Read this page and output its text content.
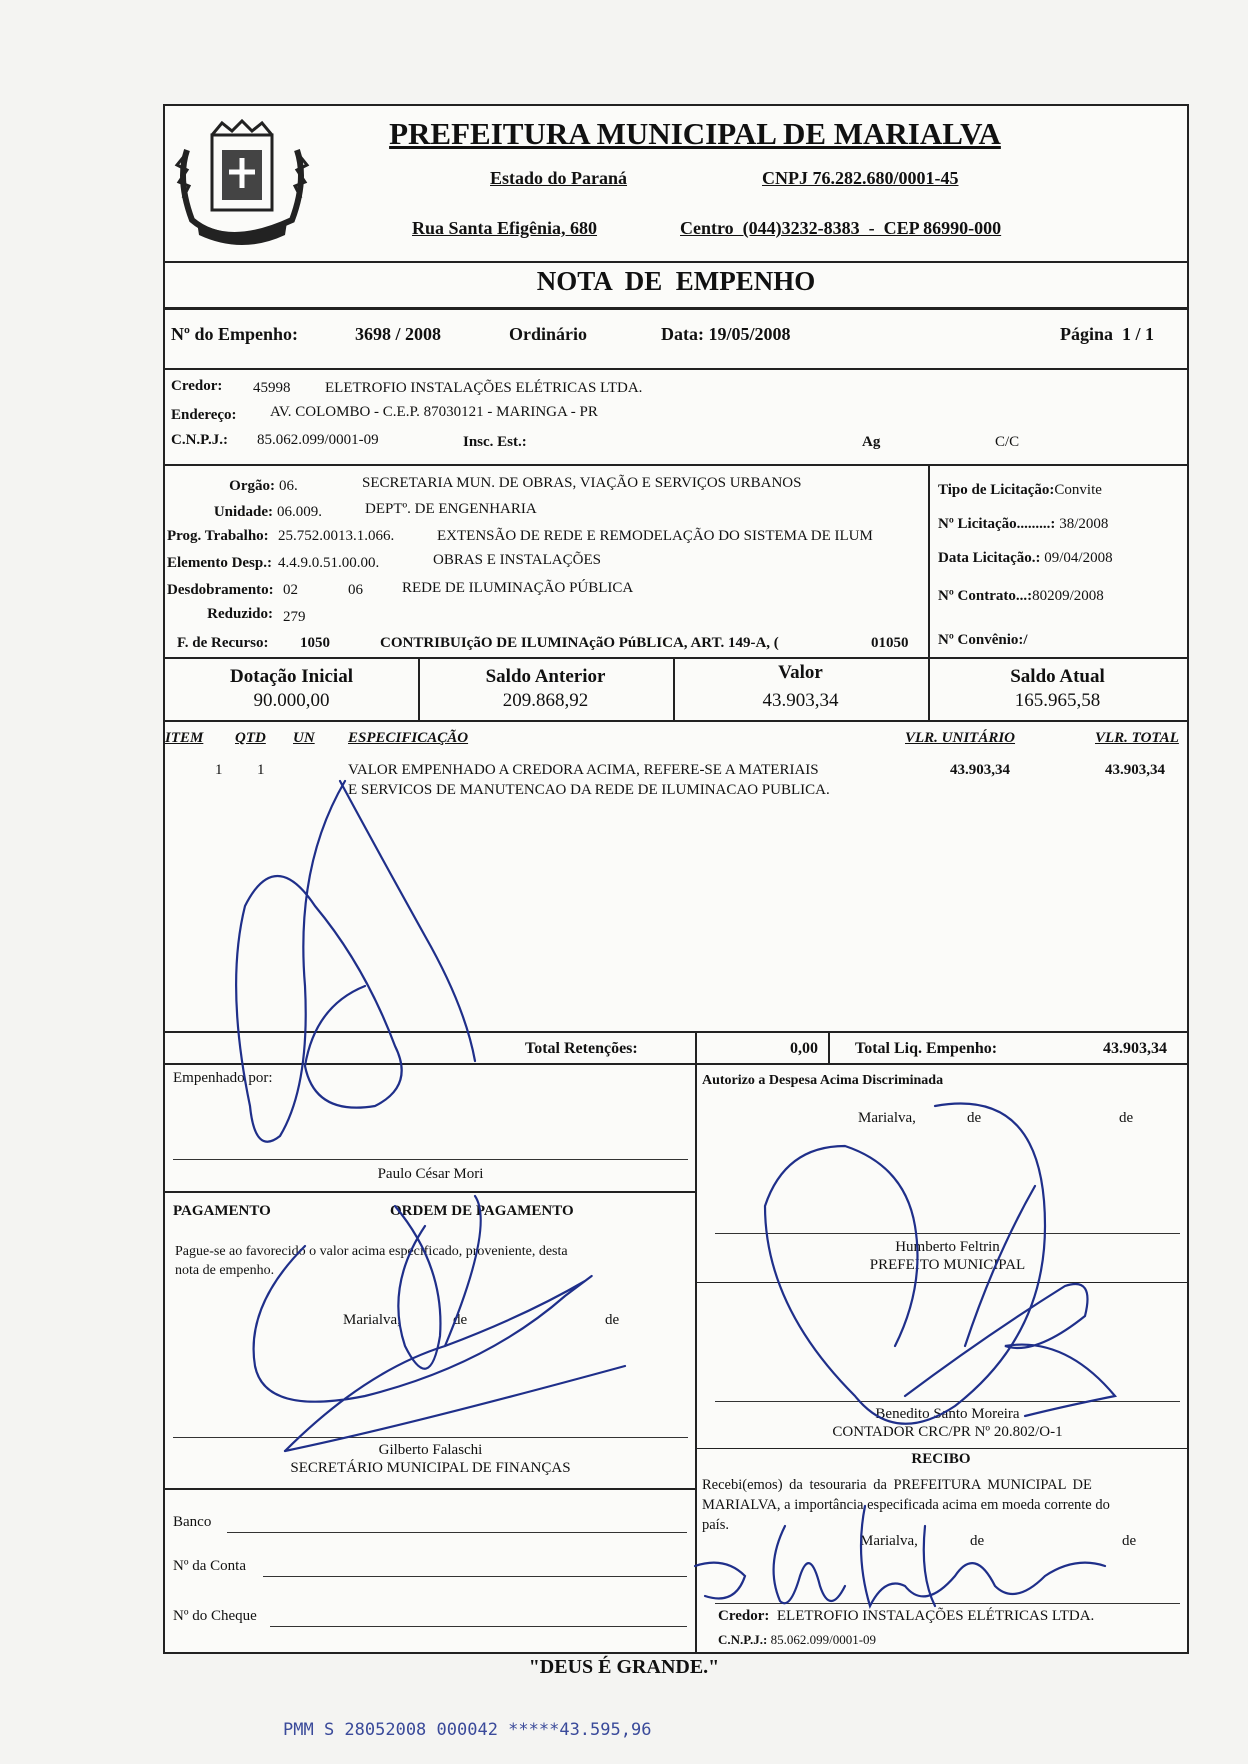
PREFEITURA MUNICIPAL DE MARIALVA
Estado do Paraná	CNPJ 76.282.680/0001-45
Rua Santa Efigênia, 680	Centro  (044)3232-8383  -  CEP 86990-000
NOTA  DE  EMPENHO
Nº do Empenho:	3698 / 2008	Ordinário	Data: 19/05/2008	Página  1 / 1
Credor: 45998 ELETROFIO INSTALAÇÕES ELÉTRICAS LTDA.
Endereço: AV. COLOMBO - C.E.P. 87030121 - MARINGA - PR
C.N.P.J.: 85.062.099/0001-09	Insc. Est.:	Ag	C/C
Orgão: 06.	SECRETARIA MUN. DE OBRAS, VIAÇÃO E SERVIÇOS URBANOS
Unidade: 06.009.	DEPTº. DE ENGENHARIA
Prog. Trabalho: 25.752.0013.1.066.	EXTENSÃO DE REDE E REMODELAÇÃO DO SISTEMA DE ILUM
Elemento Desp.: 4.4.9.0.51.00.00.	OBRAS E INSTALAÇÕES
Desdobramento: 02	06	REDE DE ILUMINAÇÃO PÚBLICA
Reduzido: 279
F. de Recurso: 1050	CONTRIBUIçãO DE ILUMINAçãO PúBLICA, ART. 149-A, (	01050
Tipo de Licitação:Convite
Nº Licitação.........: 38/2008
Data Licitação.: 09/04/2008
Nº Contrato...:80209/2008
Nº Convênio:/
Dotação Inicial
90.000,00
Saldo Anterior
209.868,92
Valor
43.903,34
Saldo Atual
165.965,58
ITEM QTD UN ESPECIFICAÇÃO	VLR. UNITÁRIO	VLR. TOTAL
1 1	VALOR EMPENHADO A CREDORA ACIMA, REFERE-SE A MATERIAIS
E SERVICOS DE MANUTENCAO DA REDE DE ILUMINACAO PUBLICA.
43.903,34	43.903,34
Total Retenções:	0,00 Total Liq. Empenho:	43.903,34
Empenhado por:
Paulo César Mori
PAGAMENTO	ORDEM DE PAGAMENTO
Pague-se ao favorecido o valor acima especificado, proveniente, desta
nota de empenho.
Marialva,	de	de
Gilberto Falaschi
SECRETÁRIO MUNICIPAL DE FINANÇAS
Banco
Nº da Conta
Nº do Cheque
Autorizo a Despesa Acima Discriminada
Marialva,	de	de
Humberto Feltrin
PREFEITO MUNICIPAL
Benedito Santo Moreira
CONTADOR CRC/PR Nº 20.802/O-1
RECIBO
Recebi(emos) da tesouraria da PREFEITURA MUNICIPAL DE
MARIALVA, a importância especificada acima em moeda corrente do
país.
Marialva,	de	de
Credor: ELETROFIO INSTALAÇÕES ELÉTRICAS LTDA.
C.N.P.J.: 85.062.099/0001-09
"DEUS É GRANDE."
PMM S 28052008 000042 *****43.595,96
